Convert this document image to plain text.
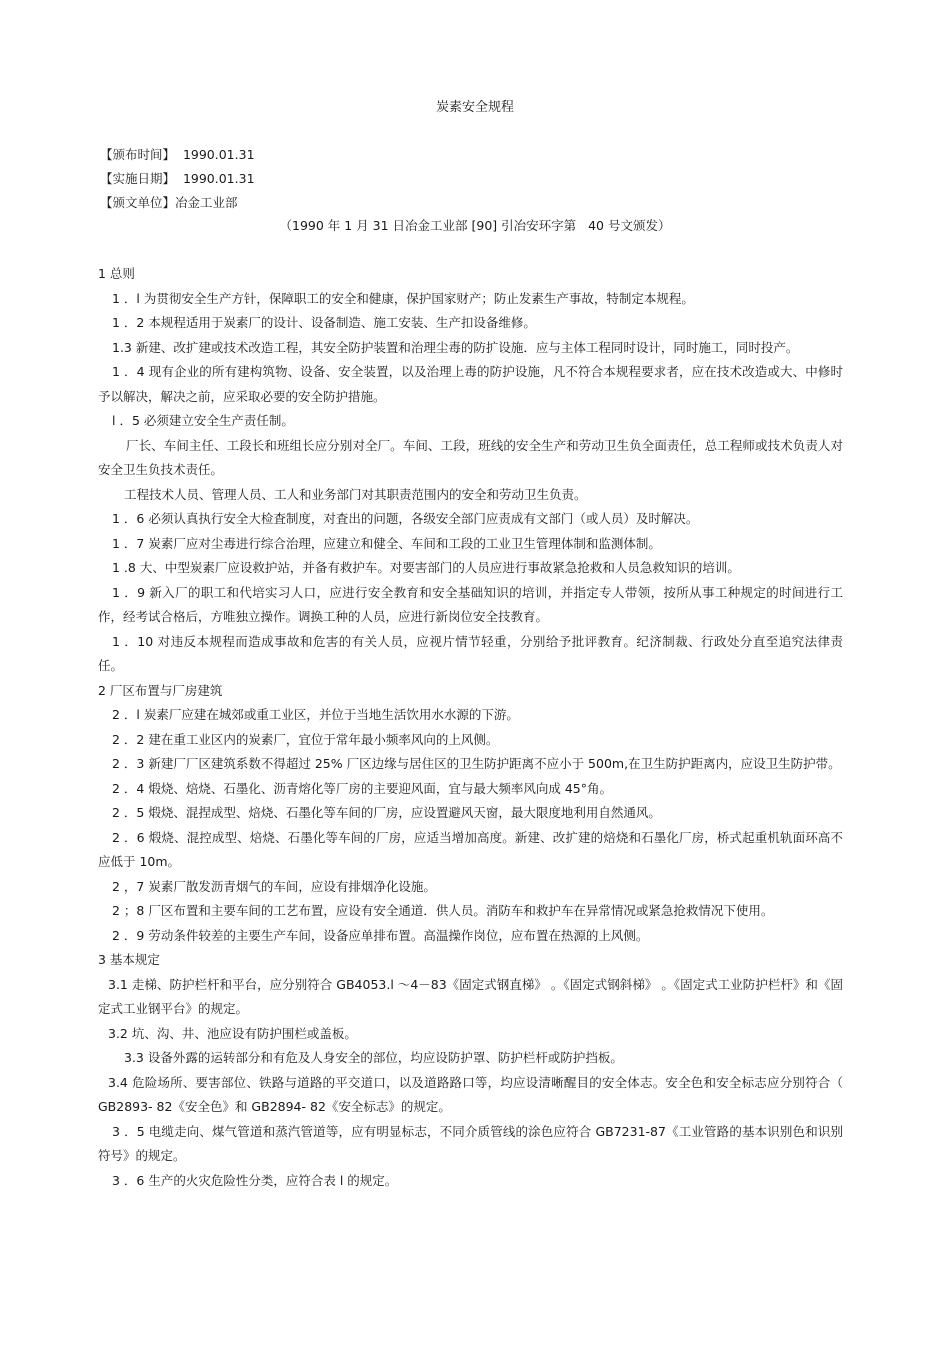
炭素安全规程
【颁布时间】  1990.01.31
【实施日期】  1990.01.31
【颁文单位】冶金工业部
（1990 年 1 月 31 日冶金工业部 [90] 引冶安环字第   40 号文颁发）
1 总则
1 ．l 为贯彻安全生产方针，保障职工的安全和健康，保护国家财产；防止发素生产事故，特制定本规程。
1 ．2 本规程适用于炭素厂的设计、设备制造、施工安装、生产扣设备维修。
1.3 新建、改扩建或技术改造工程，其安全防护装置和治理尘毒的防扩设施．应与主体工程同时设计，同时施工，同时投产。
1 ．4 现有企业的所有建构筑物、设备、安全装置，以及治理上毒的防护设施，凡不符合本规程要求者，应在技术改造或大、中修时予以解决，解决之前，应采取必要的安全防护措施。
l ．5 必须建立安全生产责任制。
厂长、车间主任、工段长和班组长应分别对全厂。车间、工段，班线的安全生产和劳动卫生负全面责任，总工程师或技术负责人对安全卫生负技术责任。
工程技术人员、管理人员、工人和业务部门对其职责范围内的安全和劳动卫生负责。
1 ．6 必须认真执行安全大检査制度，对査出的问题，各级安全部门应责成有文部门（或人员）及时解决。
1 ．7 炭素厂应对尘毒进行综合治理，应建立和健全、车间和工段的工业卫生管理体制和监测体制。
1 .8 大、中型炭素厂应设救护站，并备有救护车。对要害部门的人员应进行事故紧急抢救和人员急救知识的培训。
1 ．9 新入厂的职工和代培实习人口，应进行安全教育和安全基础知识的培训，并指定专人带领，按所从事工种规定的时间进行工作，经考试合格后，方唯独立操作。调换工种的人员，应进行新岗位安全技教育。
1 ．10 对违反本规程而造成事故和危害的有关人员，应视片情节轻重，分别给予批评教育。纪济制裁、行政处分直至追究法律责任。
2 厂区布置与厂房建筑
2 ．l 炭素厂应建在城郊或重工业区，并位于当地生活饮用水水源的下游。
2 ．2 建在重工业区内的炭素厂，宜位于常年最小频率风向的上风侧。
2 ．3 新建厂厂区建筑系数不得超过 25% 厂区边缘与居住区的卫生防护距离不应小于 500m,在卫生防护距离内，应设卫生防护带。
2 ．4 煅烧、焙烧、石墨化、沥青熔化等厂房的主要迎风面，宜与最大频率风向成 45°角。
2 ．5 煅烧、混捏成型、焙烧、石墨化等车间的厂房，应设置避风天窗，最大限度地利用自然通风。
2 ．6 煅烧、混控成型、焙烧、石墨化等车间的厂房，应适当增加高度。新建、改扩建的焙烧和石墨化厂房，桥式起重机轨面环高不应低于 10m。
2 ，7 炭素厂散发沥青烟气的车间，应设有排烟净化设施。
2 ；8 厂区布置和主要车间的工艺布置，应设有安全通道．供人员。消防车和救护车在异常情况或紧急抢救情况下使用。
2 ．9 劳动条件较差的主要生产车间，设备应单排布置。高温操作岗位，应布置在热源的上风侧。
3 基本规定
3.1 走梯、防护栏杆和平台，应分别符合 GB4053.l ～4－83《固定式钢直梯》 。《固定式钢斜梯》 。《固定式工业防护栏杆》和《固定式工业钢平台》的规定。
3.2 坑、沟、井、池应设有防护围栏或盖板。
3.3 设备外露的运转部分和有危及人身安全的部位，均应设防护罩、防护栏杆或防护挡板。
3.4 危险场所、要害部位、铁路与道路的平交道口，以及道路路口等，均应设清晰醒目的安全体志。安全色和安全标志应分别符合（ GB2893- 82《安全色》和 GB2894- 82《安全标志》的规定。
3 ．5 电缆走向、煤气管道和蒸汽管道等，应有明显标志，不同介质管线的涂色应符合 GB7231-87《工业管路的基本识别色和识别符号》的规定。
3 ．6 生产的火灾危险性分类，应符合表 l 的规定。
